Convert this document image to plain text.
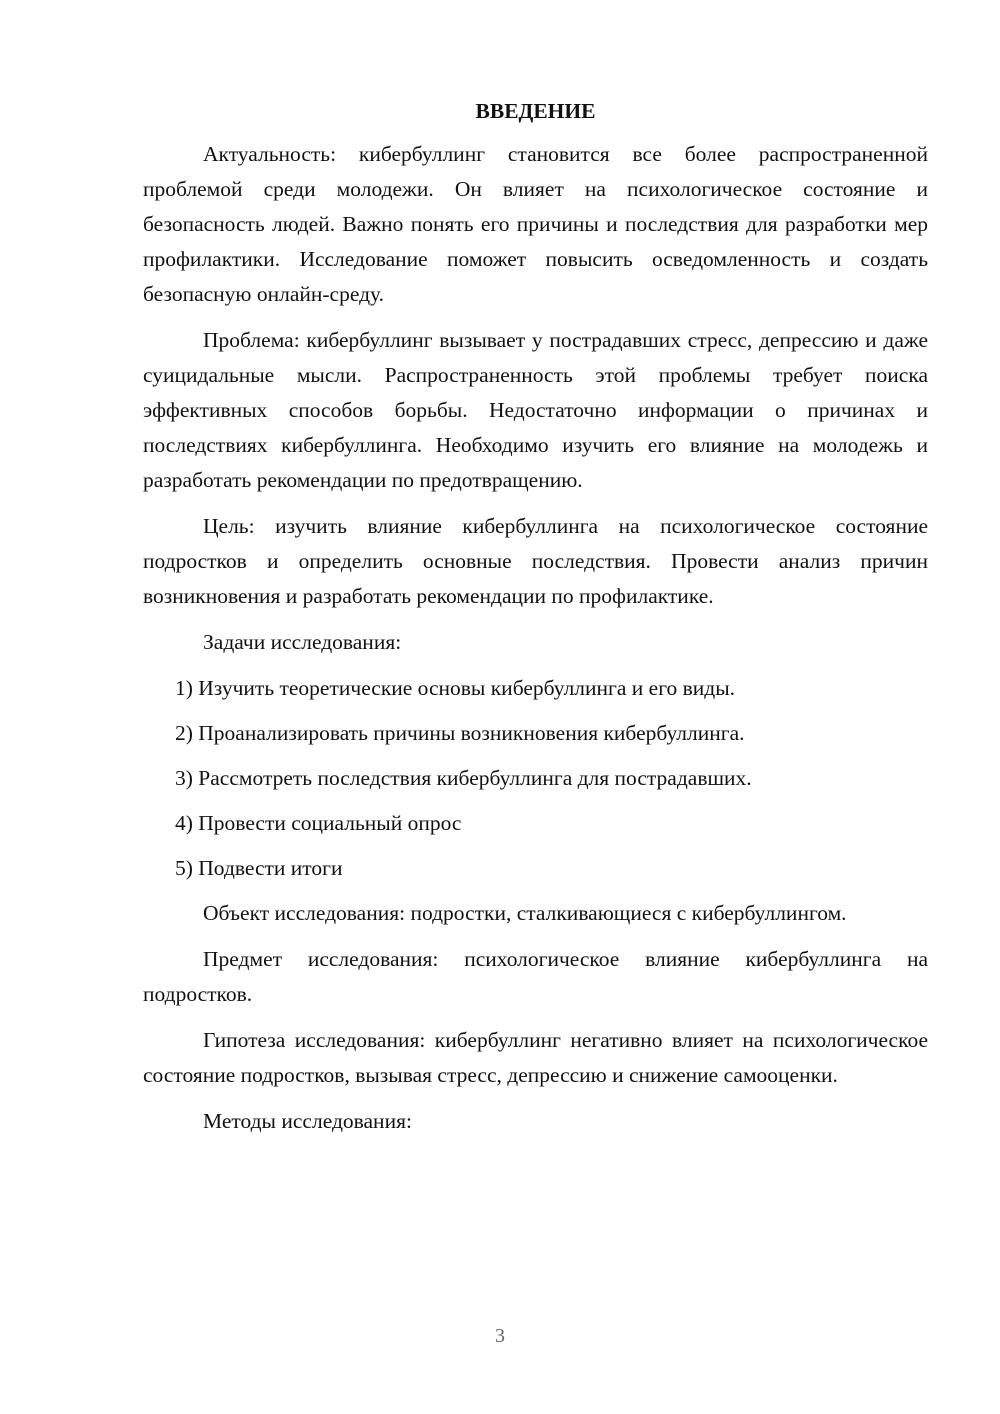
ВВЕДЕНИЕ

Актуальность: кибербуллинг становится все более распространенной проблемой среди молодежи. Он влияет на психологическое состояние и безопасность людей. Важно понять его причины и последствия для разработки мер профилактики. Исследование поможет повысить осведомленность и создать безопасную онлайн-среду.

Проблема: кибербуллинг вызывает у пострадавших стресс, депрессию и даже суицидальные мысли. Распространенность этой проблемы требует поиска эффективных способов борьбы. Недостаточно информации о причинах и последствиях кибербуллинга. Необходимо изучить его влияние на молодежь и разработать рекомендации по предотвращению.

Цель: изучить влияние кибербуллинга на психологическое состояние подростков и определить основные последствия. Провести анализ причин возникновения и разработать рекомендации по профилактике.

Задачи исследования:

1) Изучить теоретические основы кибербуллинга и его виды.
2) Проанализировать причины возникновения кибербуллинга.
3) Рассмотреть последствия кибербуллинга для пострадавших.
4) Провести социальный опрос
5) Подвести итоги

Объект исследования: подростки, сталкивающиеся с кибербуллингом.

Предмет исследования: психологическое влияние кибербуллинга на подростков.

Гипотеза исследования: кибербуллинг негативно влияет на психологическое состояние подростков, вызывая стресс, депрессию и снижение самооценки.

Методы исследования:

3
